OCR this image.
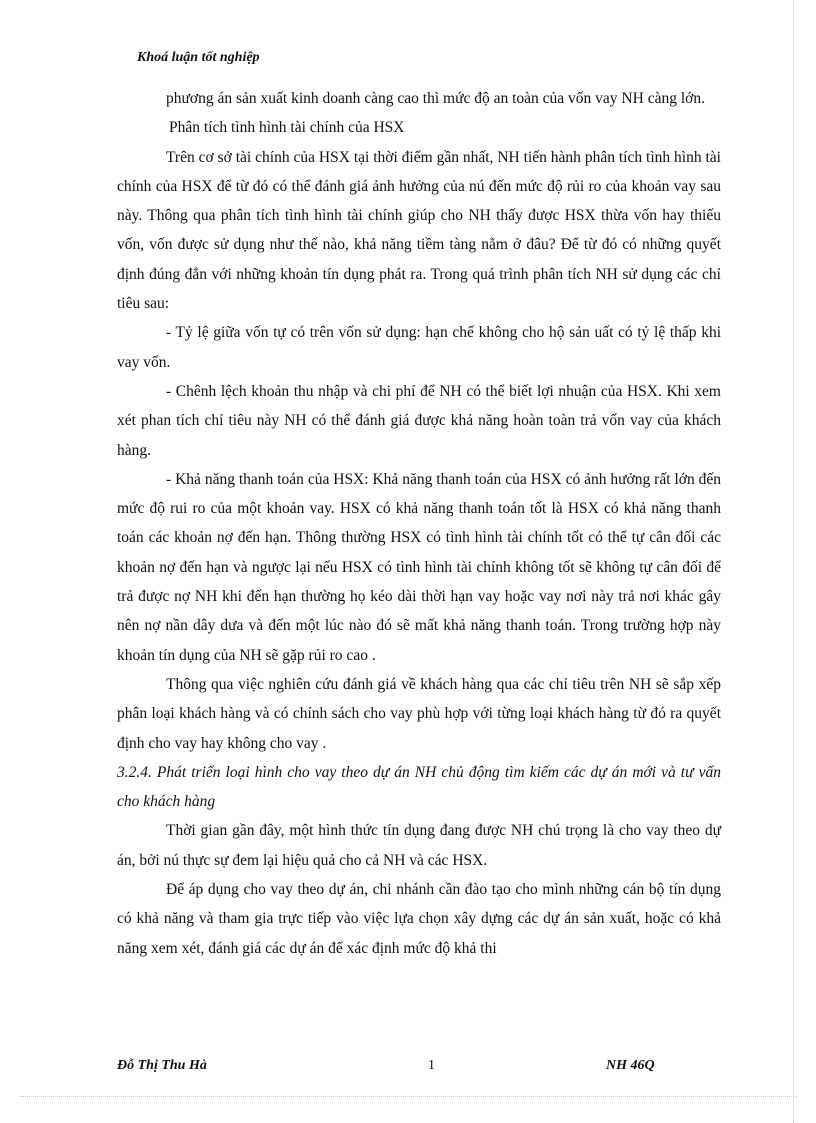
Khoá luận tốt nghiệp

phương án sản xuất kinh doanh càng cao thì mức độ an toàn của vốn vay NH càng lớn.

Phân tích tình hình tài chính của HSX

Trên cơ sở tài chính của HSX tại thời điểm gần nhất, NH tiến hành phân tích tình hình tài chính của HSX để từ đó có thể đánh giá ảnh hưởng của nú đến mức độ rủi ro của khoản vay sau này. Thông qua phân tích tình hình tài chính giúp cho NH thấy được HSX thừa vốn hay thiếu vốn, vốn được sử dụng như thế nào, khả năng tiềm tàng nằm ở đâu? Để từ đó có những quyết định đúng đắn với những khoản tín dụng phát ra. Trong quá trình phân tích NH sử dụng các chỉ tiêu sau:

- Tỷ lệ giữa vốn tự có trên vốn sử dụng: hạn chế không cho hộ sản uất có tỷ lệ thấp khi vay vốn.

- Chênh lệch khoản thu nhập và chi phí để NH có thể biết lợi nhuận của HSX. Khi xem xét phan tích chỉ tiêu này NH có thể đánh giá được khả năng hoàn toàn trả vốn vay của khách hàng.

- Khả năng thanh toán của HSX: Khả năng thanh toán của HSX có ảnh hưởng rất lớn đến mức độ rui ro của một khoản vay. HSX có khả năng thanh toán tốt là HSX có khả năng thanh toán các khoản nợ đến hạn. Thông thường HSX có tình hình tài chính tốt có thể tự cân đối các khoản nợ đến hạn và ngược lại nếu HSX có tình hình tài chính không tốt sẽ không tự cân đối để trả được nợ NH khi đến hạn thường họ kéo dài thời hạn vay hoặc vay nơi này trả nơi khác gây nên nợ nần dây dưa và đến một lúc nào đó sẽ mất khả năng thanh toán. Trong trường hợp này khoản tín dụng của NH sẽ gặp rủi ro cao .

Thông qua việc nghiên cứu đánh giá về khách hàng qua các chỉ tiêu trên NH sẽ sắp xếp phân loại khách hàng và có chính sách cho vay phù hợp với từng loại khách hàng từ đó ra quyết định cho vay hay không cho vay .

3.2.4. Phát triển loại hình cho vay theo dự án NH chủ động tìm kiếm các dự án mới và tư vấn cho khách hàng

Thời gian gần đây, một hình thức tín dụng đang được NH chú trọng là cho vay theo dự án, bởi nú thực sự đem lại hiệu quả cho cả NH và các HSX.

Để áp dụng cho vay theo dự án, chi nhánh cần đào tạo cho mình những cán bộ tín dụng có khả năng và tham gia trực tiếp vào việc lựa chọn xây dựng các dự án sản xuất, hoặc có khả năng xem xét, đánh giá các dự án để xác định mức độ khả thi

Đỗ Thị Thu Hà	1	NH 46Q
